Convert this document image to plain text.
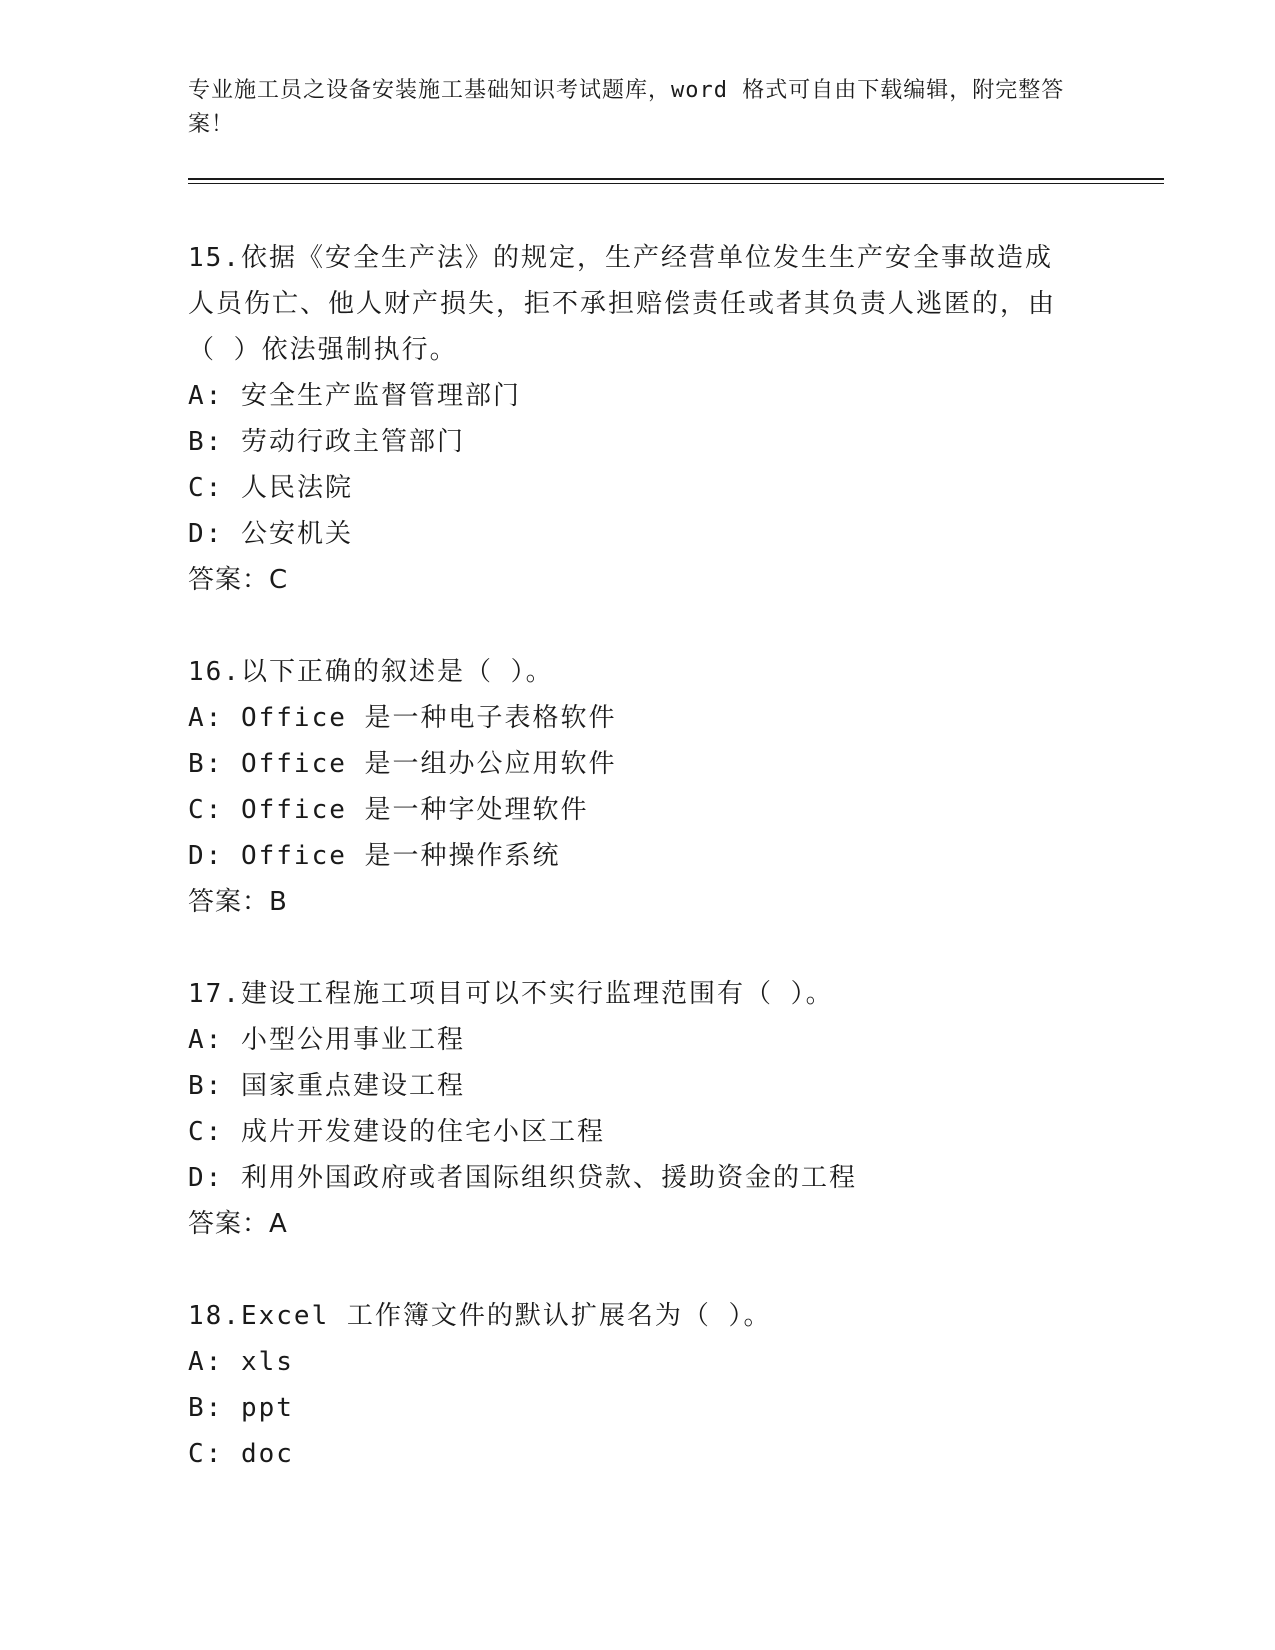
专业施工员之设备安装施工基础知识考试题库，word 格式可自由下载编辑，附完整答案！
15.依据《安全生产法》的规定，生产经营单位发生生产安全事故造成人员伤亡、他人财产损失，拒不承担赔偿责任或者其负责人逃匿的，由（ ）依法强制执行。
A: 安全生产监督管理部门
B: 劳动行政主管部门
C: 人民法院
D: 公安机关
答案：C
16.以下正确的叙述是（ ）。
A: Office 是一种电子表格软件
B: Office 是一组办公应用软件
C: Office 是一种字处理软件
D: Office 是一种操作系统
答案：B
17.建设工程施工项目可以不实行监理范围有（ ）。
A: 小型公用事业工程
B: 国家重点建设工程
C: 成片开发建设的住宅小区工程
D: 利用外国政府或者国际组织贷款、援助资金的工程
答案：A
18.Excel 工作簿文件的默认扩展名为（ ）。
A: xls
B: ppt
C: doc
